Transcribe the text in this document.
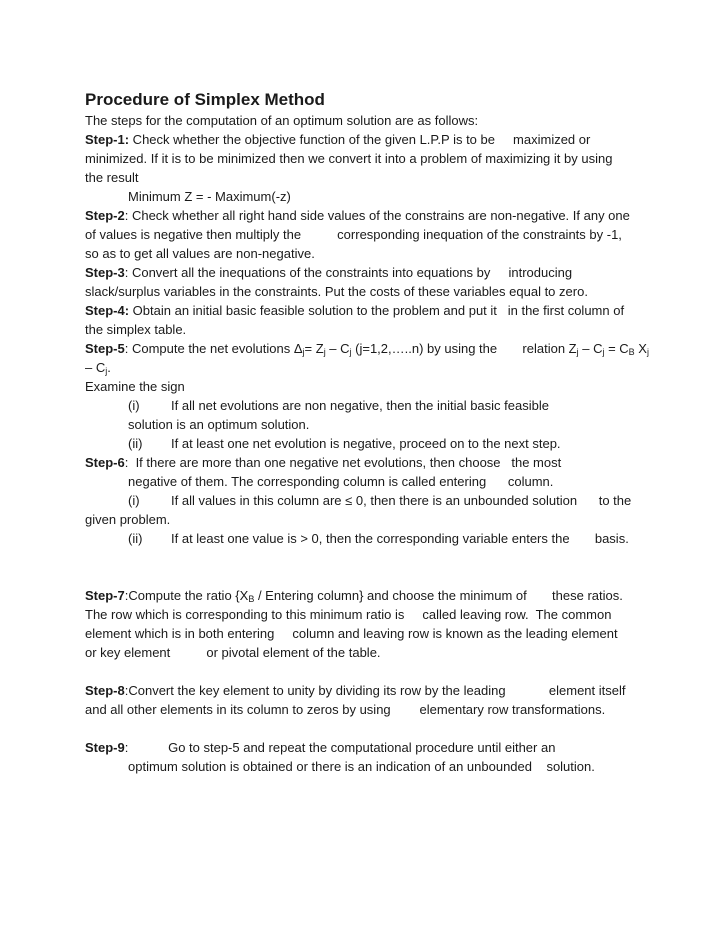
Procedure of Simplex Method
The steps for the computation of an optimum solution are as follows:
Step-1: Check whether the objective function of the given L.P.P is to be     maximized or
minimized. If it is to be minimized then we convert it into a problem of maximizing it by using
the result
Minimum Z = - Maximum(-z)
Step-2: Check whether all right hand side values of the constrains are non-negative. If any one
of values is negative then multiply the          corresponding inequation of the constraints by -1,
so as to get all values are non-negative.
Step-3: Convert all the inequations of the constraints into equations by     introducing
slack/surplus variables in the constraints. Put the costs of these variables equal to zero.
Step-4: Obtain an initial basic feasible solution to the problem and put it   in the first column of
the simplex table.
Step-5: Compute the net evolutions $\Delta_j= Z_j - C_j$ (j=1,2,…..n) by using the       relation $Z_j - C_j = C_B$ $X_j$
– $C_j$.
Examine the sign
(i) If all net evolutions are non negative, then the initial basic feasible
solution is an optimum solution.
(ii) If at least one net evolution is negative, proceed on to the next step.
Step-6:  If there are more than one negative net evolutions, then choose   the most
negative of them. The corresponding column is called entering      column.
(i) If all values in this column are ≤ 0, then there is an unbounded solution      to the
given problem.
(ii) If at least one value is > 0, then the corresponding variable enters the       basis.
Step-7:Compute the ratio {$X_B$ / Entering column} and choose the minimum of       these ratios.
The row which is corresponding to this minimum ratio is     called leaving row.  The common
element which is in both entering     column and leaving row is known as the leading element
or key element          or pivotal element of the table.
Step-8:Convert the key element to unity by dividing its row by the leading            element itself
and all other elements in its column to zeros by using        elementary row transformations.
Step-9:           Go to step-5 and repeat the computational procedure until either an
optimum solution is obtained or there is an indication of an unbounded    solution.
